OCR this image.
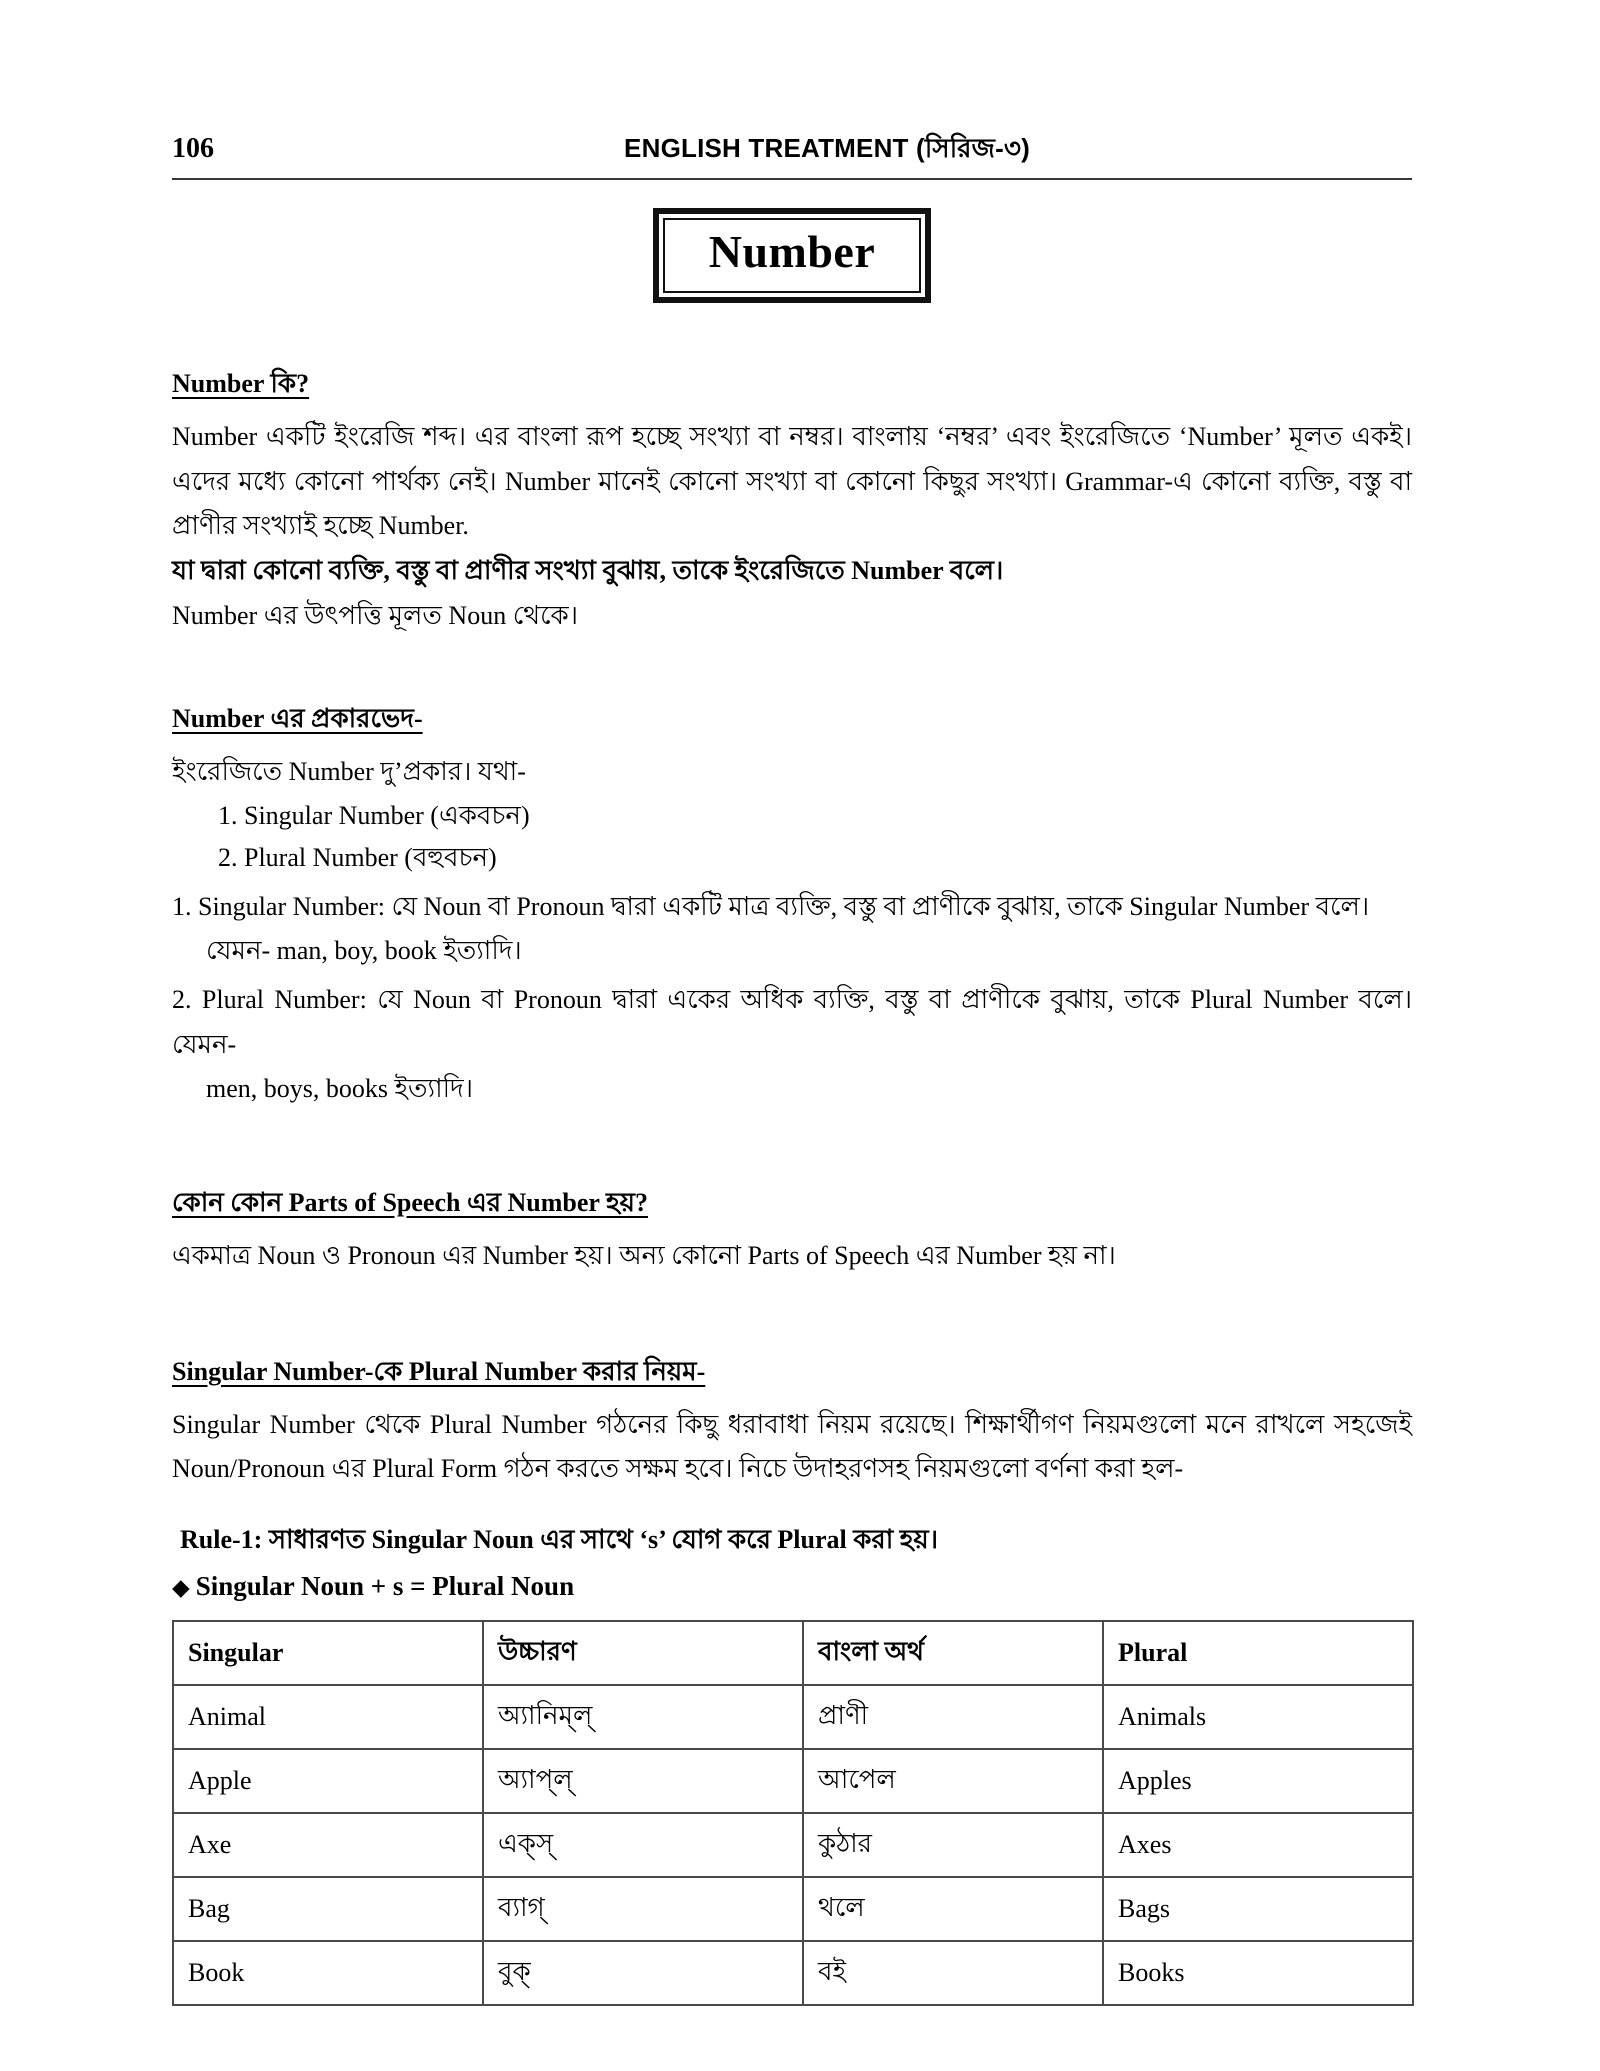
106	ENGLISH TREATMENT (সিরিজ-৩)
Number
Number কি?

Number একটি ইংরেজি শব্দ। এর বাংলা রূপ হচ্ছে সংখ্যা বা নম্বর। বাংলায় ‘নম্বর’ এবং ইংরেজিতে ‘Number’ মূলত একই। এদের মধ্যে কোনো পার্থক্য নেই। Number মানেই কোনো সংখ্যা বা কোনো কিছুর সংখ্যা। Grammar-এ কোনো ব্যক্তি, বস্তু বা প্রাণীর সংখ্যাই হচ্ছে Number.

যা দ্বারা কোনো ব্যক্তি, বস্তু বা প্রাণীর সংখ্যা বুঝায়, তাকে ইংরেজিতে Number বলে।

Number এর উৎপত্তি মূলত Noun থেকে।

Number এর প্রকারভেদ-

ইংরেজিতে Number দু’প্রকার। যথা-

1. Singular Number (একবচন)

2. Plural Number (বহুবচন)

1. Singular Number: যে Noun বা Pronoun দ্বারা একটি মাত্র ব্যক্তি, বস্তু বা প্রাণীকে বুঝায়, তাকে Singular Number বলে।

যেমন- man, boy, book ইত্যাদি।

2. Plural Number: যে Noun বা Pronoun দ্বারা একের অধিক ব্যক্তি, বস্তু বা প্রাণীকে বুঝায়, তাকে Plural Number বলে। যেমন-

men, boys, books ইত্যাদি।

কোন কোন Parts of Speech এর Number হয়?

একমাত্র Noun ও Pronoun এর Number হয়। অন্য কোনো Parts of Speech এর Number হয় না।

Singular Number-কে Plural Number করার নিয়ম-

Singular Number থেকে Plural Number গঠনের কিছু ধরাবাধা নিয়ম রয়েছে। শিক্ষার্থীগণ নিয়মগুলো মনে রাখলে সহজেই Noun/Pronoun এর Plural Form গঠন করতে সক্ষম হবে। নিচে উদাহরণসহ নিয়মগুলো বর্ণনা করা হল-

Rule-1: সাধারণত Singular Noun এর সাথে ‘s’ যোগ করে Plural করা হয়।

◆ Singular Noun + s = Plural Noun

Singular	উচ্চারণ	বাংলা অর্থ	Plural
Animal	অ্যানিম্ল্	প্রাণী	Animals
Apple	অ্যাপ্ল্	আপেল	Apples
Axe	এক্স্	কুঠার	Axes
Bag	ব্যাগ্	থলে	Bags
Book	বুক্	বই	Books
